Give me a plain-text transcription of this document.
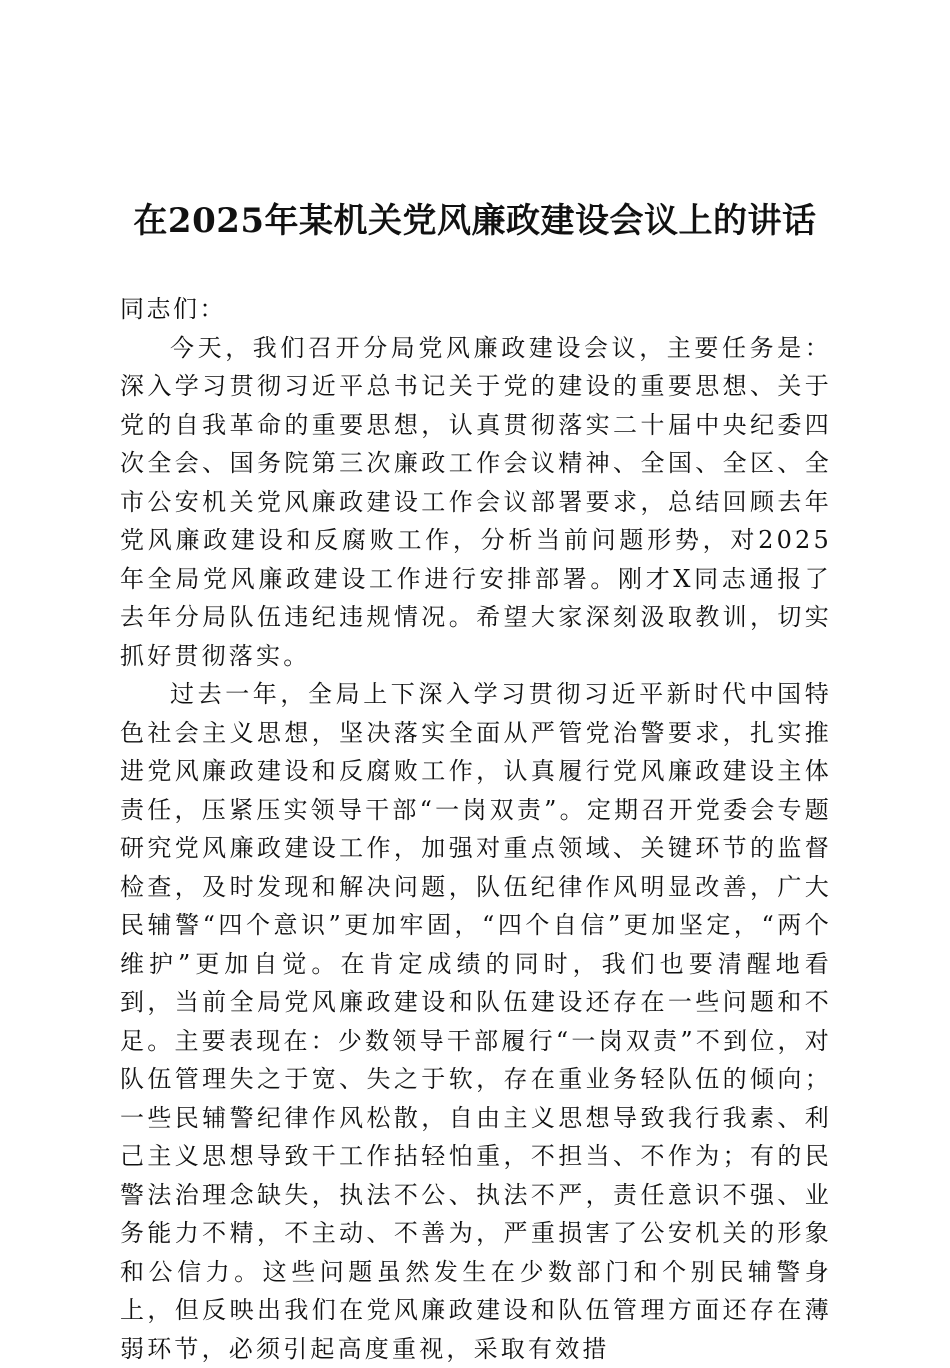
在2025年某机关党风廉政建设会议上的讲话

同志们：

今天，我们召开分局党风廉政建设会议，主要任务是：深入学习贯彻习近平总书记关于党的建设的重要思想、关于党的自我革命的重要思想，认真贯彻落实二十届中央纪委四次全会、国务院第三次廉政工作会议精神、全国、全区、全市公安机关党风廉政建设工作会议部署要求，总结回顾去年党风廉政建设和反腐败工作，分析当前问题形势，对2025年全局党风廉政建设工作进行安排部署。刚才X同志通报了去年分局队伍违纪违规情况。希望大家深刻汲取教训，切实抓好贯彻落实。

过去一年，全局上下深入学习贯彻习近平新时代中国特色社会主义思想，坚决落实全面从严管党治警要求，扎实推进党风廉政建设和反腐败工作，认真履行党风廉政建设主体责任，压紧压实领导干部“一岗双责”。定期召开党委会专题研究党风廉政建设工作，加强对重点领域、关键环节的监督检查，及时发现和解决问题，队伍纪律作风明显改善，广大民辅警“四个意识”更加牢固，“四个自信”更加坚定，“两个维护”更加自觉。在肯定成绩的同时，我们也要清醒地看到，当前全局党风廉政建设和队伍建设还存在一些问题和不足。主要表现在：少数领导干部履行“一岗双责”不到位，对队伍管理失之于宽、失之于软，存在重业务轻队伍的倾向；一些民辅警纪律作风松散，自由主义思想导致我行我素、利己主义思想导致干工作拈轻怕重，不担当、不作为；有的民警法治理念缺失，执法不公、执法不严，责任意识不强、业务能力不精，不主动、不善为，严重损害了公安机关的形象和公信力。这些问题虽然发生在少数部门和个别民辅警身上，但反映出我们在党风廉政建设和队伍管理方面还存在薄弱环节，必须引起高度重视，采取有效措
